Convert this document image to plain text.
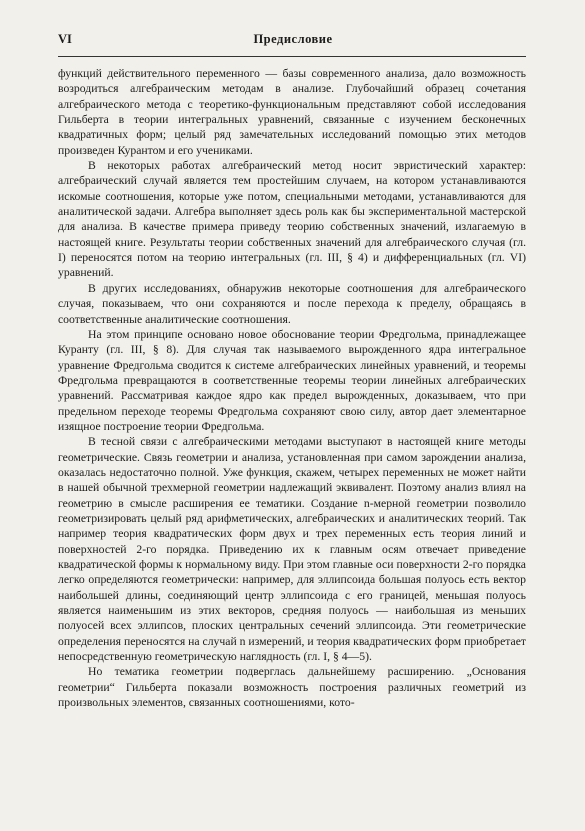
VI	Предисловие

функций действительного переменного — базы современного анализа, дало возможность возродиться алгебраическим методам в анализе. Глубочайший образец сочетания алгебраического метода с теоретико-функциональным представляют собой исследования Гильберта в теории интегральных уравнений, связанные с изучением бесконечных квадратичных форм; целый ряд замечательных исследований помощью этих методов произведен Курантом и его учениками.

В некоторых работах алгебраический метод носит эвристический характер: алгебраический случай является тем простейшим случаем, на котором устанавливаются искомые соотношения, которые уже потом, специальными методами, устанавливаются для аналитической задачи. Алгебра выполняет здесь роль как бы экспериментальной мастерской для анализа. В качестве примера приведу теорию собственных значений, излагаемую в настоящей книге. Результаты теории собственных значений для алгебраического случая (гл. I) переносятся потом на теорию интегральных (гл. III, § 4) и дифференциальных (гл. VI) уравнений.

В других исследованиях, обнаружив некоторые соотношения для алгебраического случая, показываем, что они сохраняются и после перехода к пределу, обращаясь в соответственные аналитические соотношения.

На этом принципе основано новое обоснование теории Фредгольма, принадлежащее Куранту (гл. III, § 8). Для случая так называемого вырожденного ядра интегральное уравнение Фредгольма сводится к системе алгебраических линейных уравнений, и теоремы Фредгольма превращаются в соответственные теоремы теории линейных алгебраических уравнений. Рассматривая каждое ядро как предел вырожденных, доказываем, что при предельном переходе теоремы Фредгольма сохраняют свою силу, автор дает элементарное изящное построение теории Фредгольма.

В тесной связи с алгебраическими методами выступают в настоящей книге методы геометрические. Связь геометрии и анализа, установленная при самом зарождении анализа, оказалась недостаточно полной. Уже функция, скажем, четырех переменных не может найти в нашей обычной трехмерной геометрии надлежащий эквивалент. Поэтому анализ влиял на геометрию в смысле расширения ее тематики. Создание n-мерной геометрии позволило геометризировать целый ряд арифметических, алгебраических и аналитических теорий. Так например теория квадратических форм двух и трех переменных есть теория линий и поверхностей 2-го порядка. Приведению их к главным осям отвечает приведение квадратической формы к нормальному виду. При этом главные оси поверхности 2-го порядка легко определяются геометрически: например, для эллипсоида большая полуось есть вектор наибольшей длины, соединяющий центр эллипсоида с его границей, меньшая полуось является наименьшим из этих векторов, средняя полуось — наибольшая из меньших полуосей всех эллипсов, плоских центральных сечений эллипсоида. Эти геометрические определения переносятся на случай n измерений, и теория квадратических форм приобретает непосредственную геометрическую наглядность (гл. I, § 4—5).

Но тематика геометрии подверглась дальнейшему расширению. „Основания геометрии“ Гильберта показали возможность построения различных геометрий из произвольных элементов, связанных соотношениями, кото-
